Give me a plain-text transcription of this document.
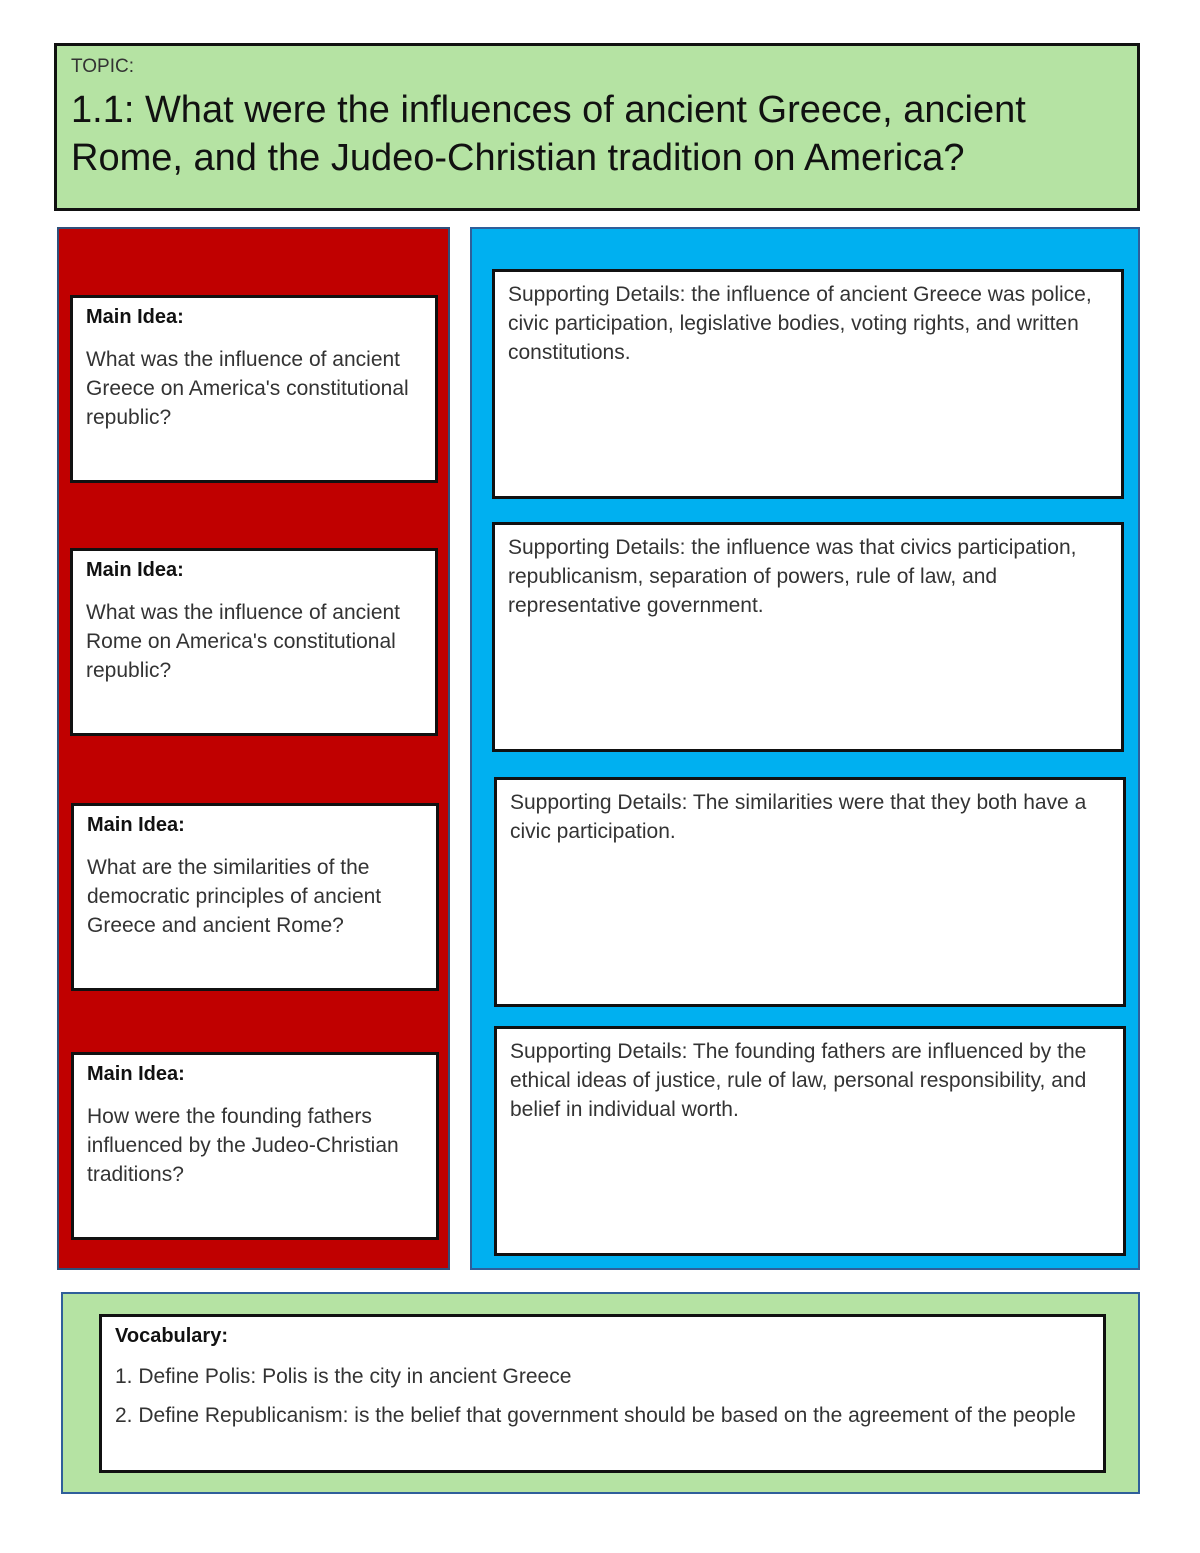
TOPIC:

1.1: What were the influences of ancient Greece, ancient Rome, and the Judeo-Christian tradition on America?

Main Idea:

What was the influence of ancient Greece on America's constitutional republic?

Main Idea:

What was the influence of ancient Rome on America's constitutional republic?

Main Idea:

What are the similarities of the democratic principles of ancient Greece and ancient Rome?

Main Idea:

How were the founding fathers influenced by the Judeo-Christian traditions?

Supporting Details: the influence of ancient Greece was police, civic participation, legislative bodies, voting rights, and written constitutions.

Supporting Details: the influence was that civics participation, republicanism, separation of powers, rule of law, and representative government.

Supporting Details: The similarities were that they both have a civic participation.

Supporting Details: The founding fathers are influenced by the ethical ideas of justice, rule of law, personal responsibility, and belief in individual worth.

Vocabulary:

1. Define Polis: Polis is the city in ancient Greece

2. Define Republicanism: is the belief that government should be based on the agreement of the people
